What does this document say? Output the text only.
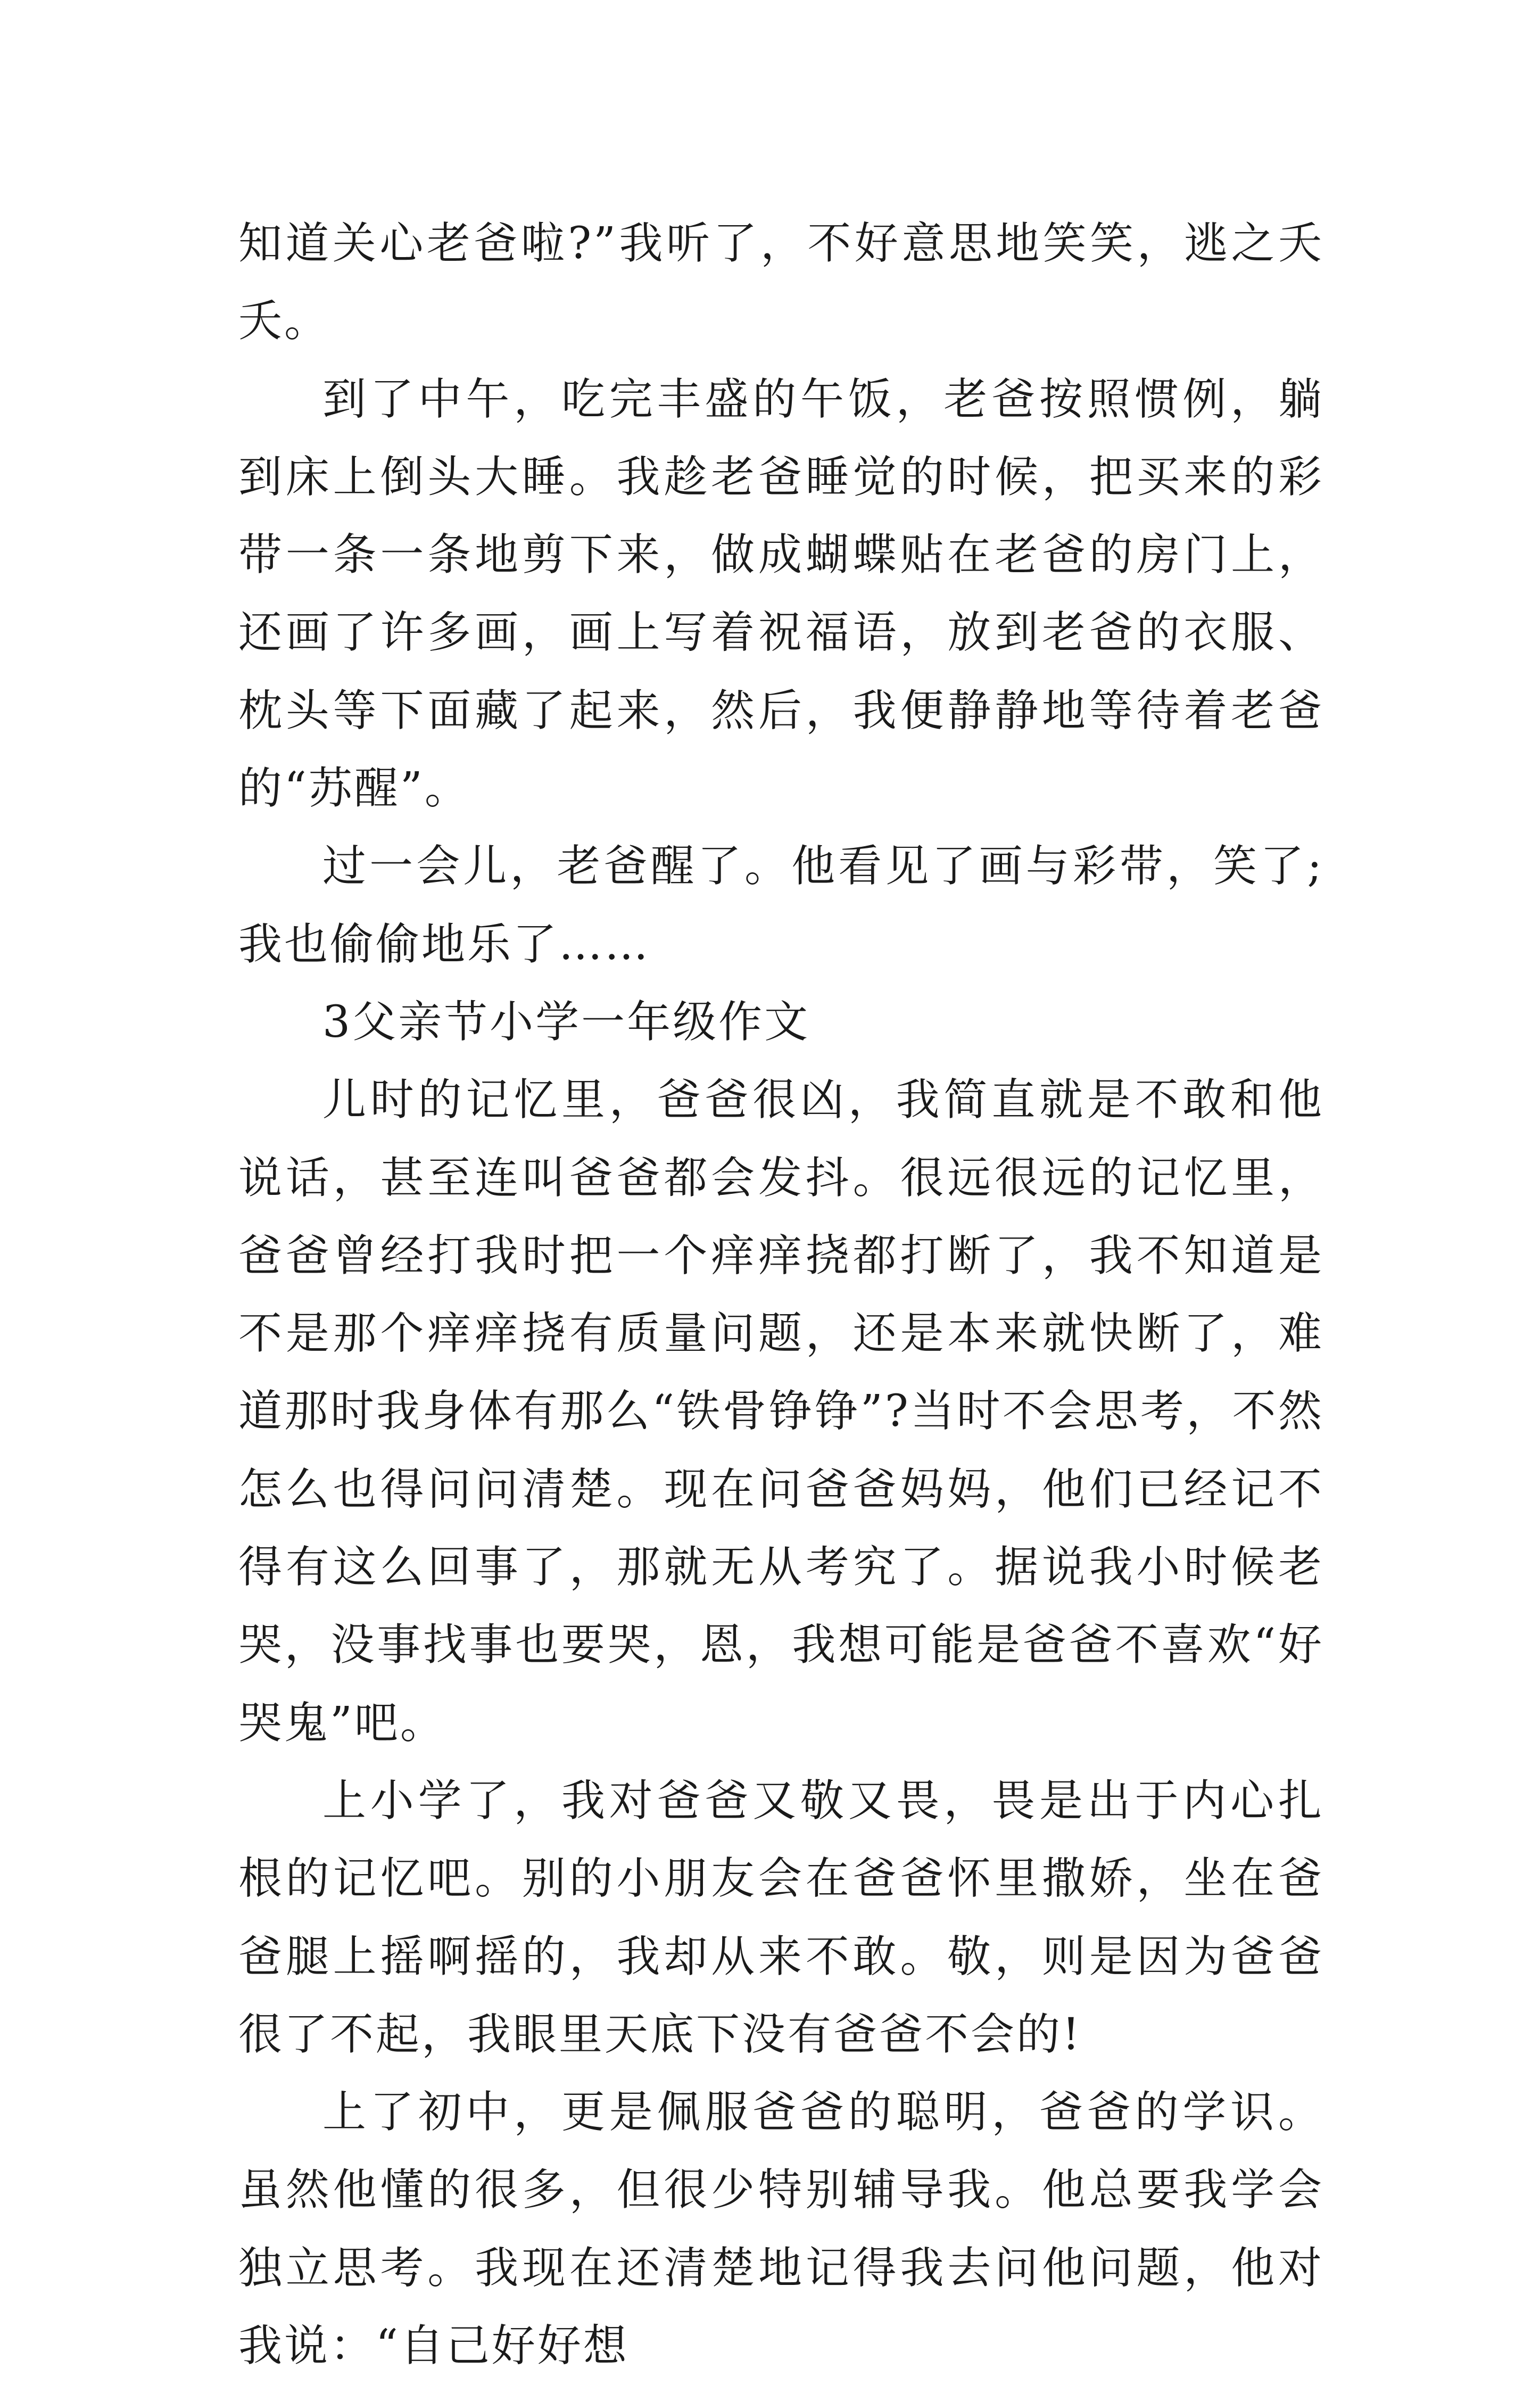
知道关心老爸啦?”我听了，不好意思地笑笑，逃之夭夭。

到了中午，吃完丰盛的午饭，老爸按照惯例，躺到床上倒头大睡。我趁老爸睡觉的时候，把买来的彩带一条一条地剪下来，做成蝴蝶贴在老爸的房门上，还画了许多画，画上写着祝福语，放到老爸的衣服、枕头等下面藏了起来，然后，我便静静地等待着老爸的“苏醒”。

过一会儿，老爸醒了。他看见了画与彩带，笑了;我也偷偷地乐了……

3父亲节小学一年级作文

儿时的记忆里，爸爸很凶，我简直就是不敢和他说话，甚至连叫爸爸都会发抖。很远很远的记忆里，爸爸曾经打我时把一个痒痒挠都打断了，我不知道是不是那个痒痒挠有质量问题，还是本来就快断了，难道那时我身体有那么“铁骨铮铮”?当时不会思考，不然怎么也得问问清楚。现在问爸爸妈妈，他们已经记不得有这么回事了，那就无从考究了。据说我小时候老哭，没事找事也要哭，恩，我想可能是爸爸不喜欢“好哭鬼”吧。

上小学了，我对爸爸又敬又畏，畏是出于内心扎根的记忆吧。别的小朋友会在爸爸怀里撒娇，坐在爸爸腿上摇啊摇的，我却从来不敢。敬，则是因为爸爸很了不起，我眼里天底下没有爸爸不会的!

上了初中，更是佩服爸爸的聪明，爸爸的学识。虽然他懂的很多，但很少特别辅导我。他总要我学会独立思考。我现在还清楚地记得我去问他问题，他对我说：“自己好好想
